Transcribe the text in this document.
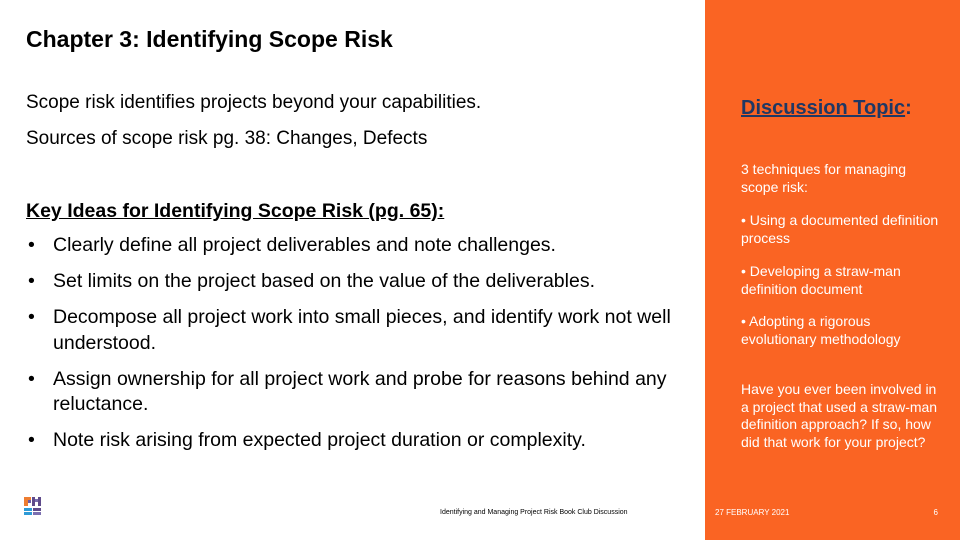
Chapter 3: Identifying Scope Risk
Scope risk identifies projects beyond your capabilities.
Sources of scope risk pg. 38: Changes, Defects
Key Ideas for Identifying Scope Risk (pg. 65):
• Clearly define all project deliverables and note challenges.
• Set limits on the project based on the value of the deliverables.
• Decompose all project work into small pieces, and identify work not well understood.
• Assign ownership for all project work and probe for reasons behind any reluctance.
• Note risk arising from expected project duration or complexity.
Identifying and Managing Project Risk Book Club Discussion
Discussion Topic:
3 techniques for managing scope risk:
• Using a documented definition process
• Developing a straw-man definition document
• Adopting a rigorous evolutionary methodology
Have you ever been involved in a project that used a straw-man definition approach? If so, how did that work for your project?
27 FEBRUARY 2021	6
